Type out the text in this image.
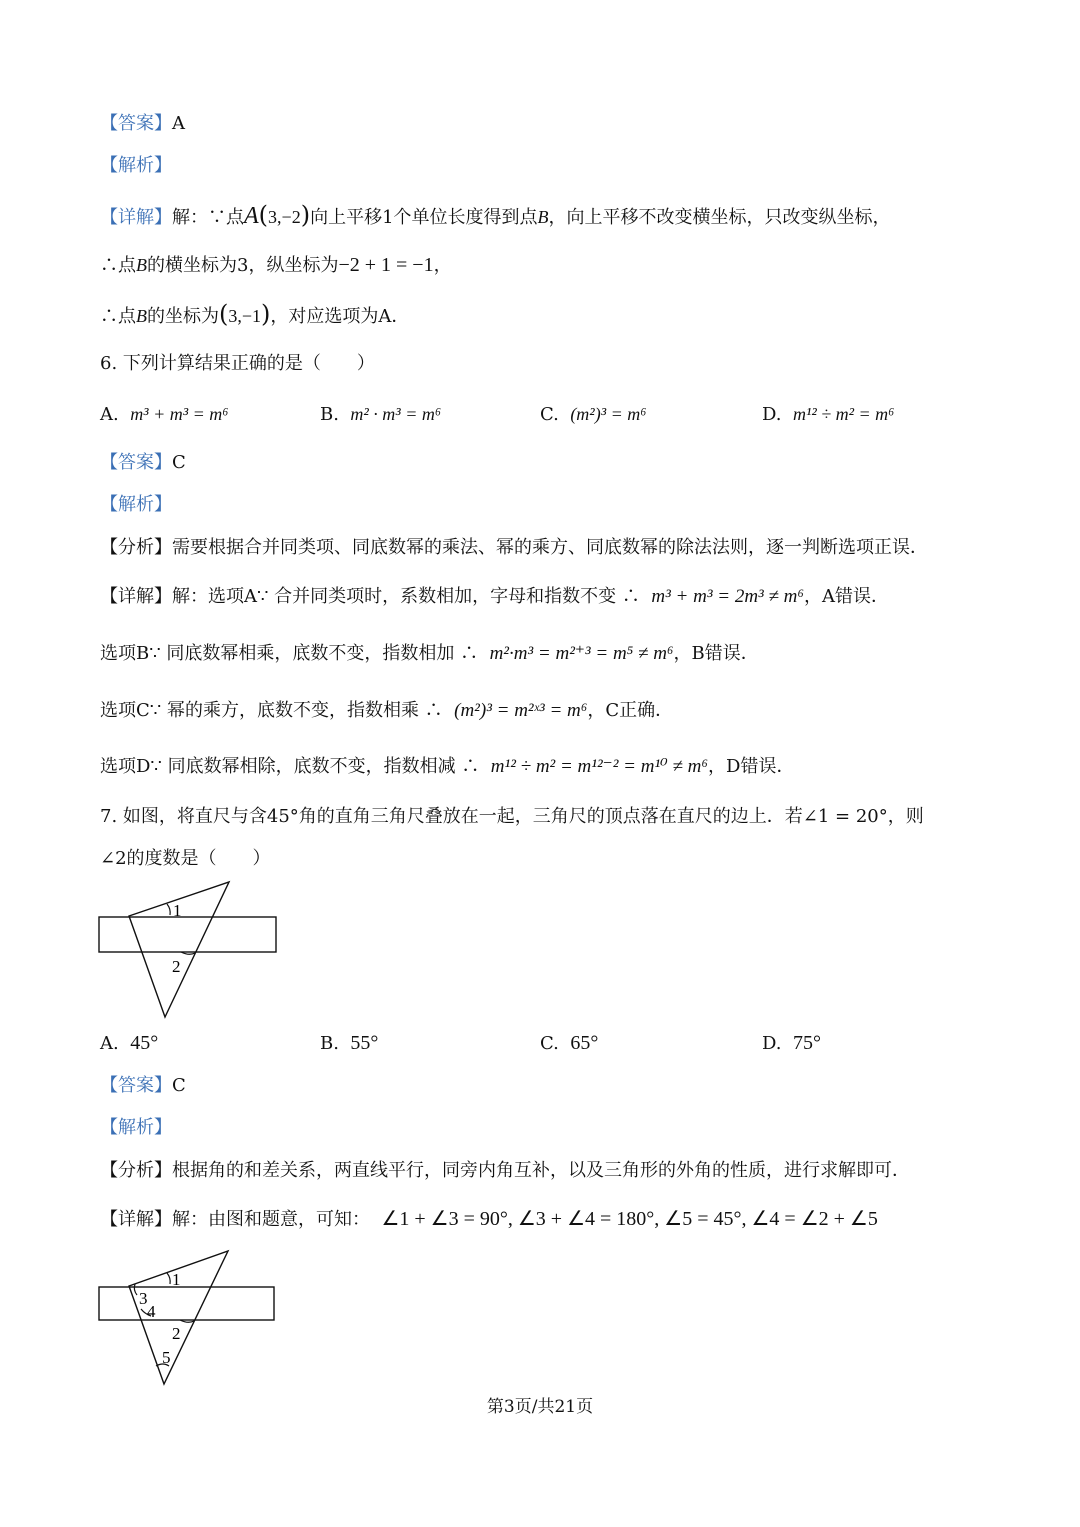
【答案】A
【解析】
【详解】解：∵点A(3,−2)向上平移1个单位长度得到点B，向上平移不改变横坐标，只改变纵坐标，
∴点B的横坐标为3，纵坐标为−2 + 1 = −1，
∴点B的坐标为(3,−1)，对应选项为A．
6. 下列计算结果正确的是（　　）
A. m³ + m³ = m⁶	B. m² · m³ = m⁶	C. (m²)³ = m⁶	D. m¹² ÷ m² = m⁶
【答案】C
【解析】
【分析】需要根据合并同类项、同底数幂的乘法、幂的乘方、同底数幂的除法法则，逐一判断选项正误．
【详解】解：选项A∵ 合并同类项时，系数相加，字母和指数不变 ∴ m³ + m³ = 2m³ ≠ m⁶，A错误．
选项B∵ 同底数幂相乘，底数不变，指数相加 ∴ m²·m³ = m²⁺³ = m⁵ ≠ m⁶，B错误．
选项C∵ 幂的乘方，底数不变，指数相乘 ∴ (m²)³ = m²ˣ³ = m⁶，C正确．
选项D∵ 同底数幂相除，底数不变，指数相减 ∴ m¹² ÷ m² = m¹²⁻² = m¹⁰ ≠ m⁶，D错误．
7. 如图，将直尺与含45°角的直角三角尺叠放在一起，三角尺的顶点落在直尺的边上．若∠1 = 20°，则
∠2的度数是（　　）
1
2
A. 45°	B. 55°	C. 65°	D. 75°
【答案】C
【解析】
【分析】根据角的和差关系，两直线平行，同旁内角互补，以及三角形的外角的性质，进行求解即可．
【详解】解：由图和题意，可知： ∠1 + ∠3 = 90°, ∠3 + ∠4 = 180°, ∠5 = 45°, ∠4 = ∠2 + ∠5
1
3
4
2
5
第3页/共21页
